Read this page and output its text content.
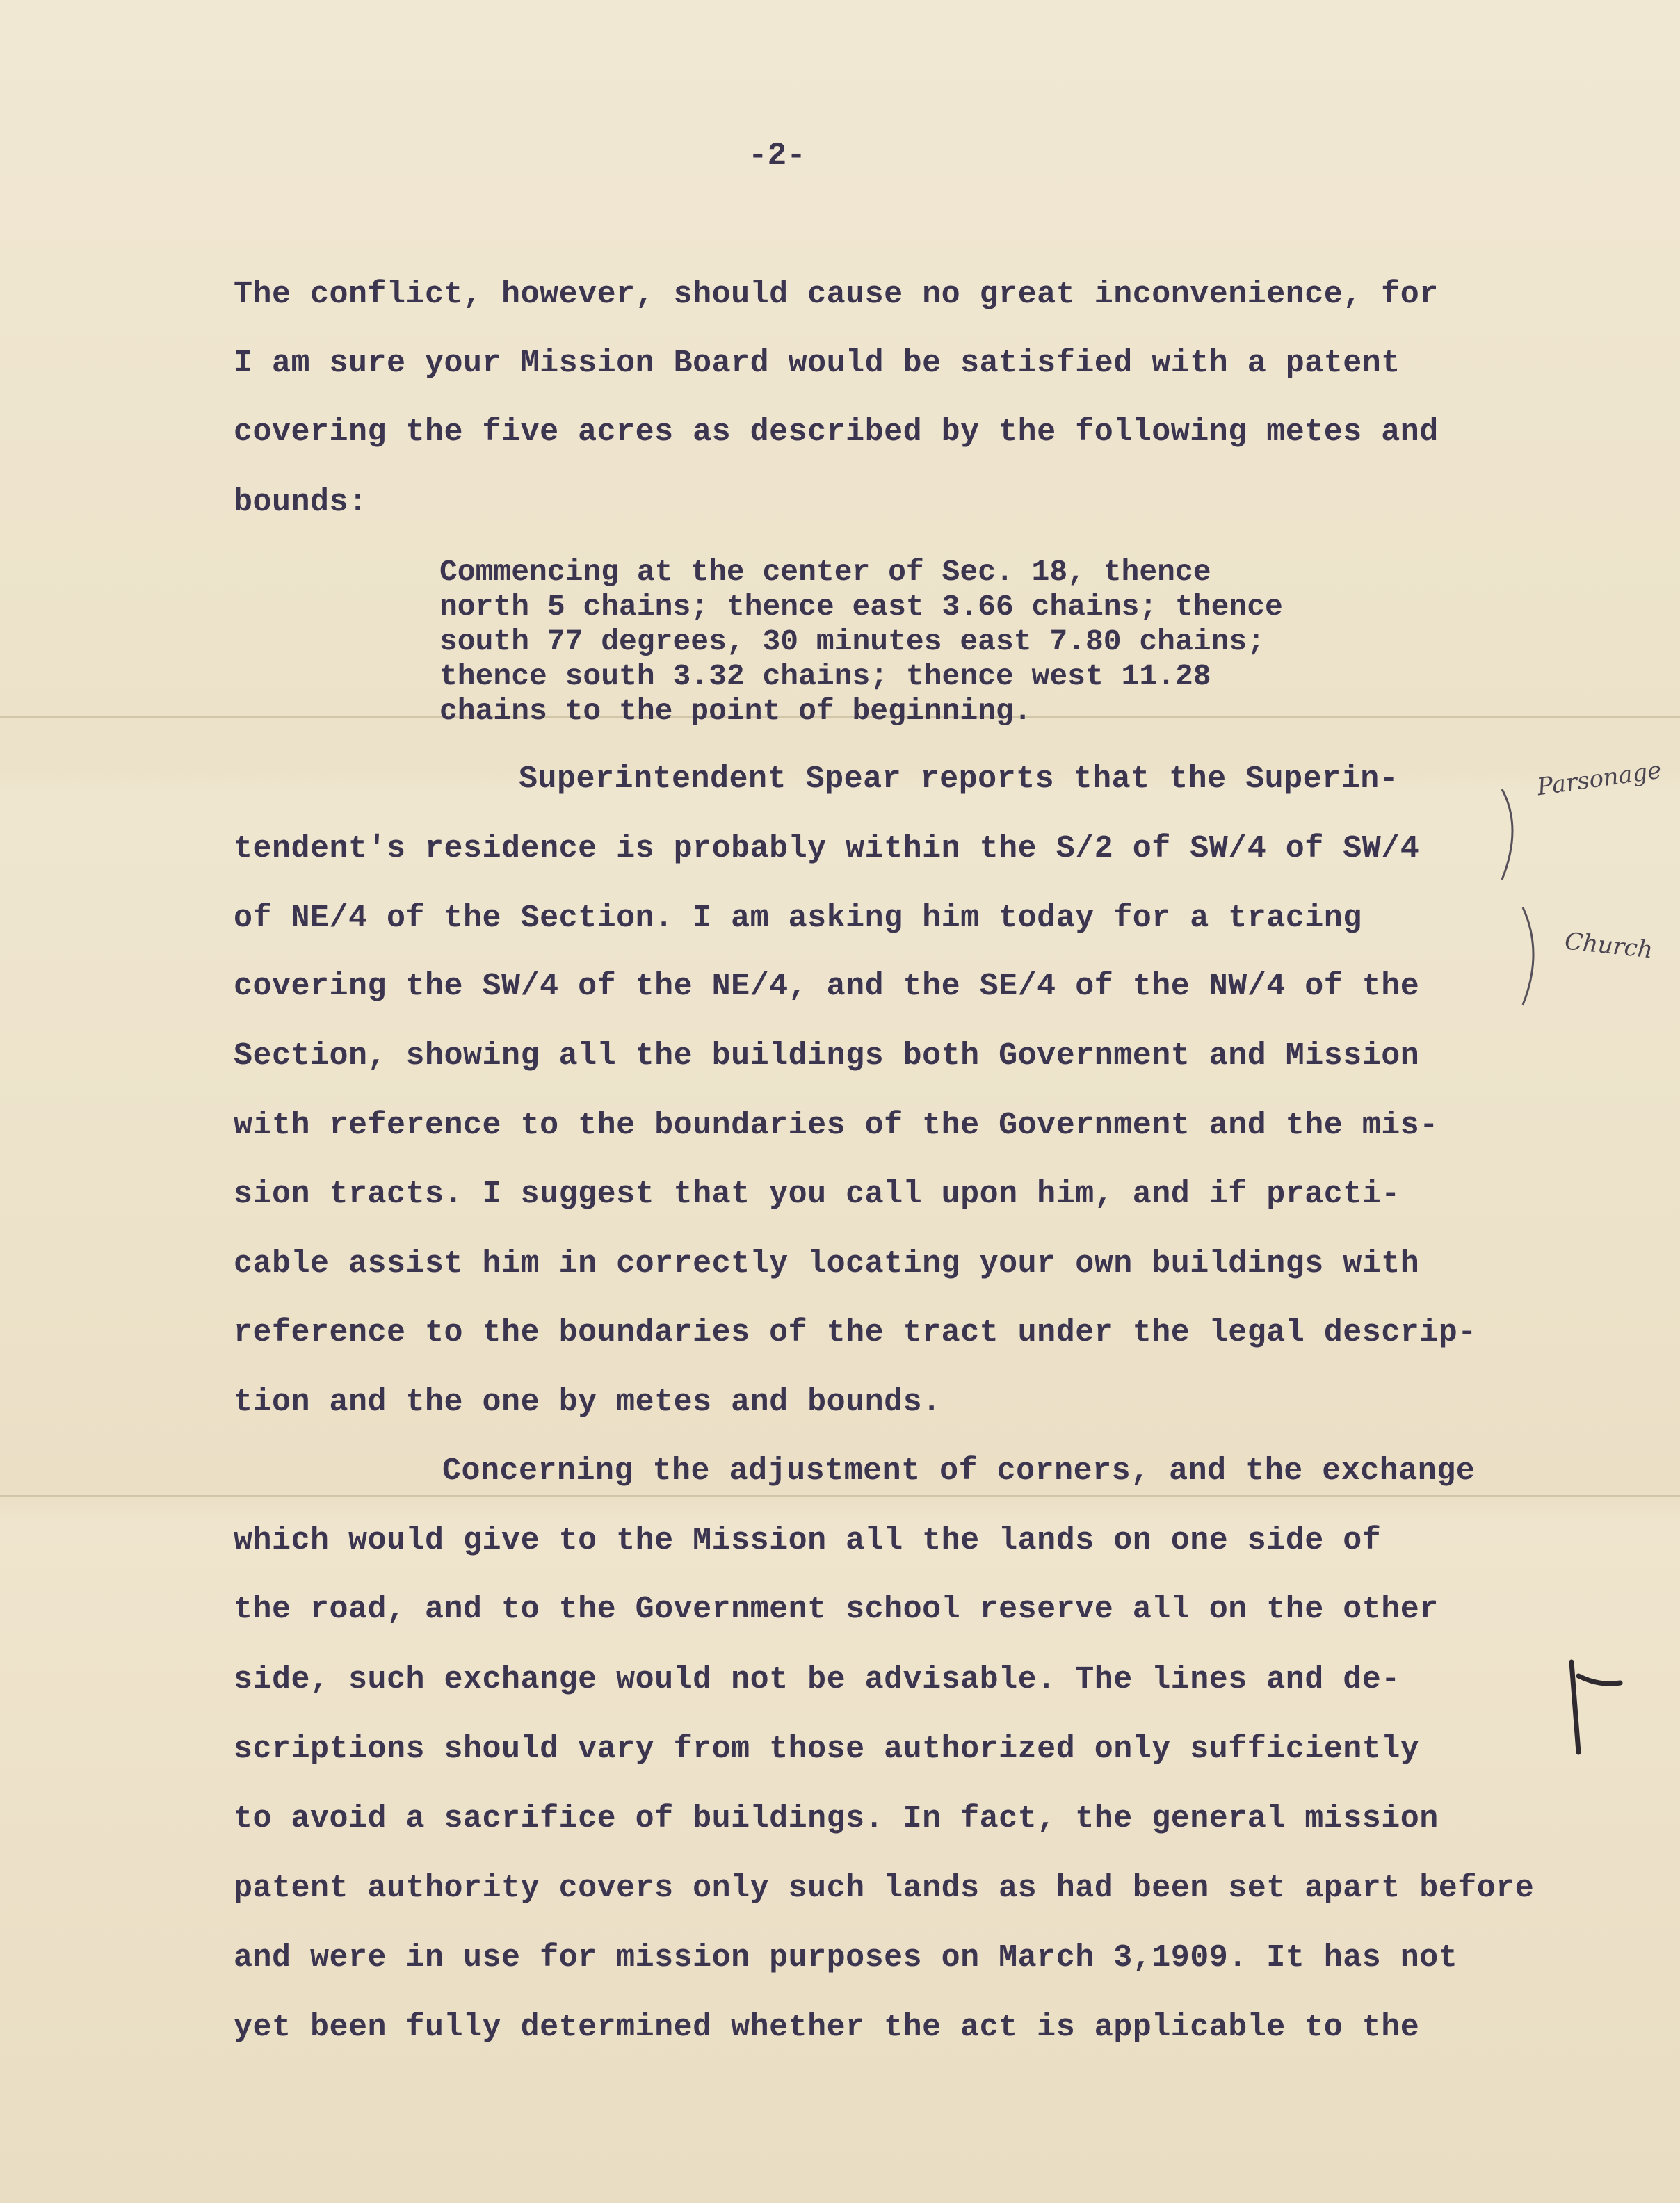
-2-
The conflict, however, should cause no great inconvenience, for
I am sure your Mission Board would be satisfied with a patent
covering the five acres as described by the following metes and
bounds:
Commencing at the center of Sec. 18, thence
north 5 chains; thence east 3.66 chains; thence
south 77 degrees, 30 minutes east 7.80 chains;
thence south 3.32 chains; thence west 11.28
chains to the point of beginning.
Superintendent Spear reports that the Superin-
tendent's residence is probably within the S/2 of SW/4 of SW/4
of NE/4 of the Section. I am asking him today for a tracing
covering the SW/4 of the NE/4, and the SE/4 of the NW/4 of the
Section, showing all the buildings both Government and Mission
with reference to the boundaries of the Government and the mis-
sion tracts. I suggest that you call upon him, and if practi-
cable assist him in correctly locating your own buildings with
reference to the boundaries of the tract under the legal descrip-
tion and the one by metes and bounds.
Concerning the adjustment of corners, and the exchange
which would give to the Mission all the lands on one side of
the road, and to the Government school reserve all on the other
side, such exchange would not be advisable. The lines and de-
scriptions should vary from those authorized only sufficiently
to avoid a sacrifice of buildings. In fact, the general mission
patent authority covers only such lands as had been set apart before
and were in use for mission purposes on March 3,1909. It has not
yet been fully determined whether the act is applicable to the
Parsonage
Church
